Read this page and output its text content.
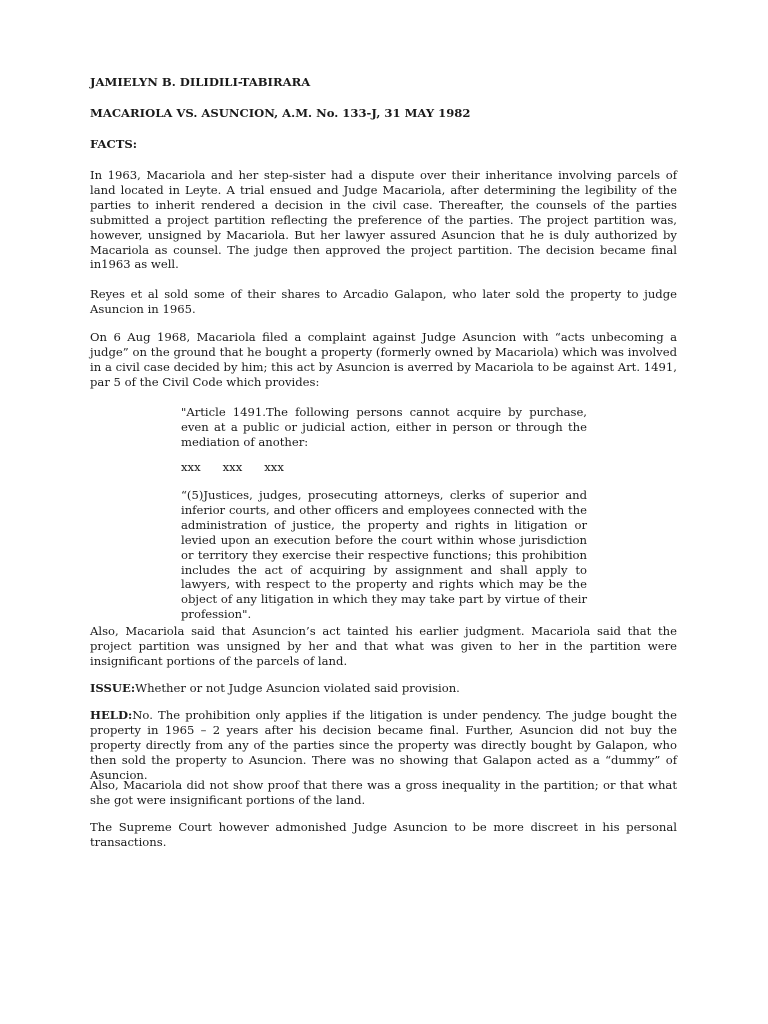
JAMIELYN B. DILIDILI-TABIRARA
MACARIOLA VS. ASUNCION, A.M. No. 133-J, 31 MAY 1982
FACTS:

In 1963, Macariola and her step-sister had a dispute over their inheritance involving parcels of land located in Leyte. A trial ensued and Judge Macariola, after determining the legibility of the parties to inherit rendered a decision in the civil case. Thereafter, the counsels of the parties submitted a project partition reflecting the preference of the parties. The project partition was, however, unsigned by Macariola. But her lawyer assured Asuncion that he is duly authorized by Macariola as counsel. The judge then approved the project partition. The decision became final in1963 as well.

Reyes et al sold some of their shares to Arcadio Galapon, who later sold the property to judge Asuncion in 1965.

On 6 Aug 1968, Macariola filed a complaint against Judge Asuncion with “acts unbecoming a judge” on the ground that he bought a property (formerly owned by Macariola) which was involved in a civil case decided by him; this act by Asuncion is averred by Macariola to be against Art. 1491, par 5 of the Civil Code which provides:

"Article 1491.The following persons cannot acquire by purchase, even at a public or judicial action, either in person or through the mediation of another:

xxx xxx xxx

“(5)Justices, judges, prosecuting attorneys, clerks of superior and inferior courts, and other officers and employees connected with the administration of justice, the property and rights in litigation or levied upon an execution before the court within whose jurisdiction or territory they exercise their respective functions; this prohibition includes the act of acquiring by assignment and shall apply to lawyers, with respect to the property and rights which may be the object of any litigation in which they may take part by virtue of their profession".

Also, Macariola said that Asuncion’s act tainted his earlier judgment. Macariola said that the project partition was unsigned by her and that what was given to her in the partition were insignificant portions of the parcels of land.

ISSUE:Whether or not Judge Asuncion violated said provision.

HELD:No. The prohibition only applies if the litigation is under pendency. The judge bought the property in 1965 – 2 years after his decision became final. Further, Asuncion did not buy the property directly from any of the parties since the property was directly bought by Galapon, who then sold the property to Asuncion. There was no showing that Galapon acted as a “dummy” of Asuncion.

Also, Macariola did not show proof that there was a gross inequality in the partition; or that what she got were insignificant portions of the land.

The Supreme Court however admonished Judge Asuncion to be more discreet in his personal transactions.
